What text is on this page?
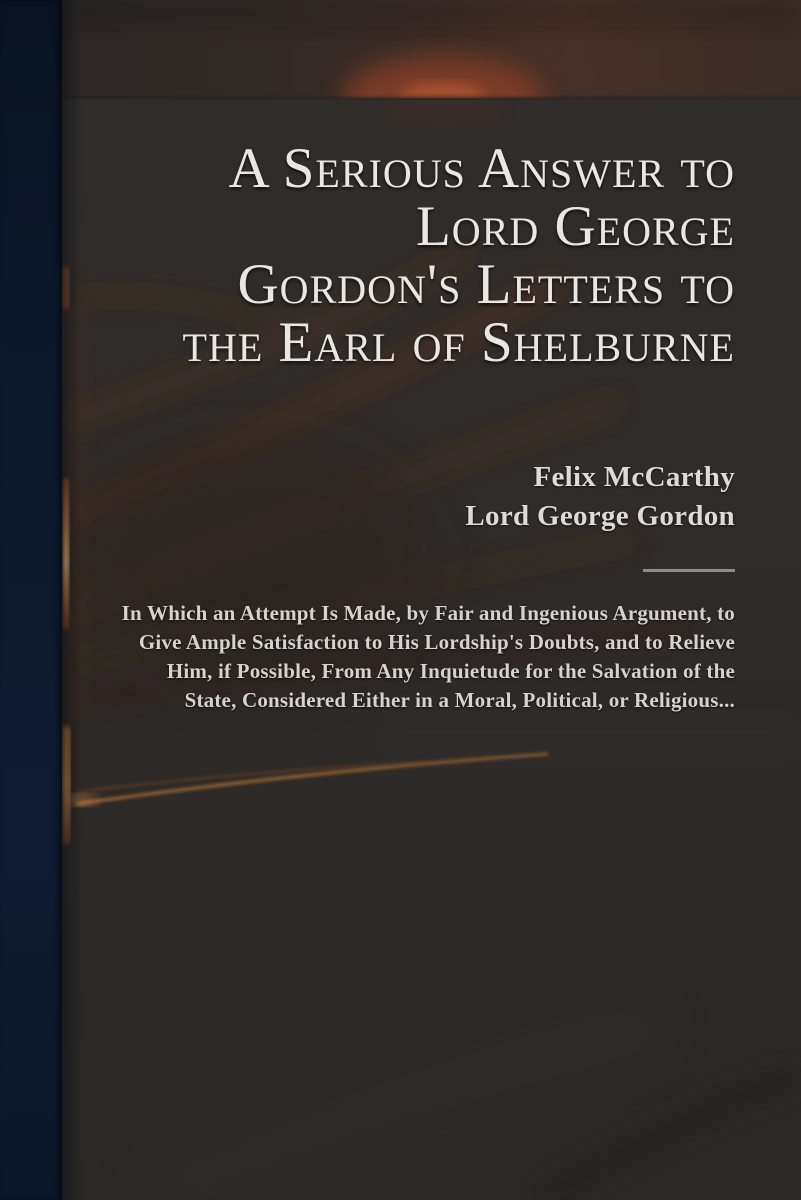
A Serious Answer to
Lord George
Gordon's Letters to
the Earl of Shelburne
Felix McCarthy
Lord George Gordon
In Which an Attempt Is Made, by Fair and Ingenious Argument, to
Give Ample Satisfaction to His Lordship's Doubts, and to Relieve
Him, if Possible, From Any Inquietude for the Salvation of the
State, Considered Either in a Moral, Political, or Religious...
